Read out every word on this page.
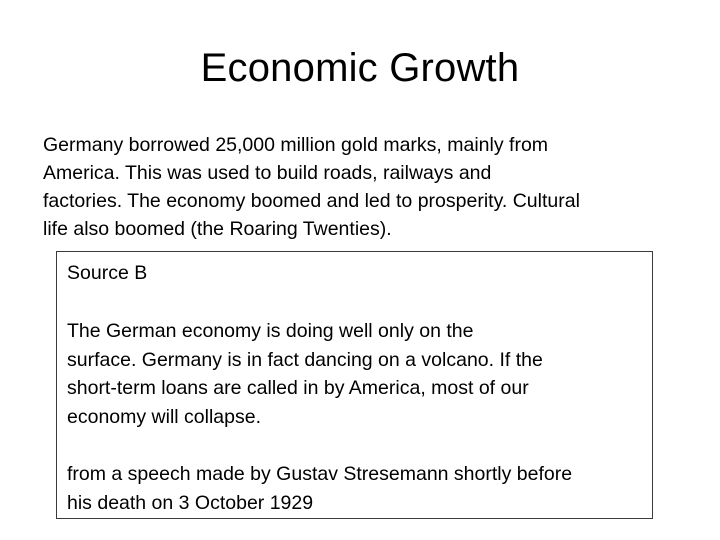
Economic Growth

Germany borrowed 25,000 million gold marks, mainly from
America. This was used to build roads, railways and
factories. The economy boomed and led to prosperity. Cultural
life also boomed (the Roaring Twenties).

Source B

The German economy is doing well only on the
surface. Germany is in fact dancing on a volcano. If the
short-term loans are called in by America, most of our
economy will collapse.

from a speech made by Gustav Stresemann shortly before
his death on 3 October 1929
